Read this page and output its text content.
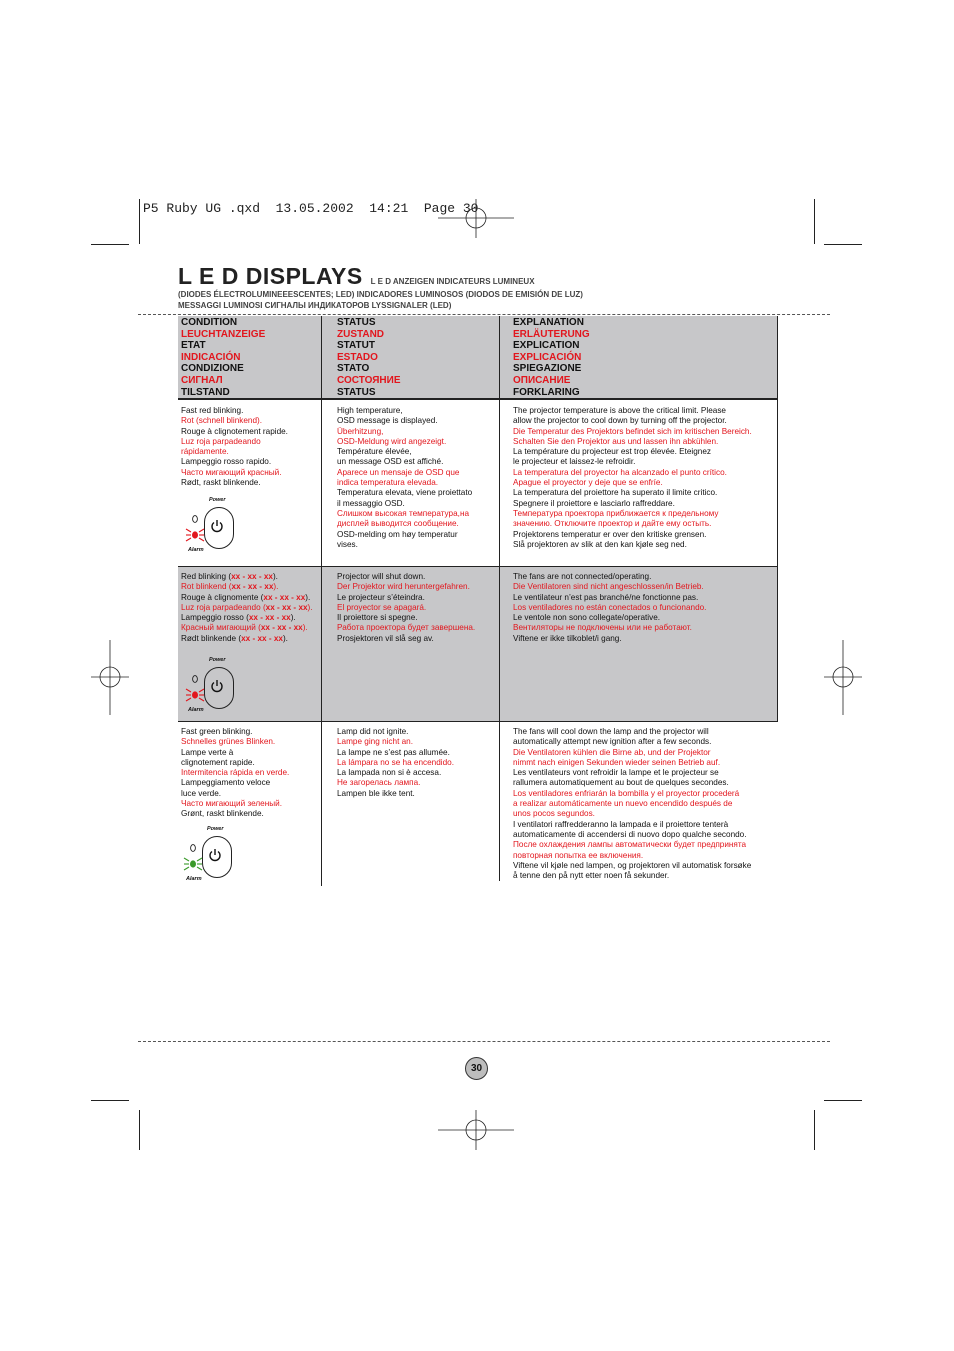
P5 Ruby UG .qxd  13.05.2002  14:21  Page 30
L E D DISPLAYS L E D ANZEIGEN INDICATEURS LUMINEUX
(DIODES ÉLECTROLUMINEEESCENTES; LED) INDICADORES LUMINOSOS (DIODOS DE EMISIÓN DE LUZ)
MESSAGGI LUMINOSI СИГНАЛЫ ИНДИКАТОРОВ LYSSIGNALER (LED)
CONDITION
LEUCHTANZEIGE
ETAT
INDICACIÓN
CONDIZIONE
СИГНАЛ
TILSTAND
STATUS
ZUSTAND
STATUT
ESTADO
STATO
СОСТОЯНИЕ
STATUS
EXPLANATION
ERLÄUTERUNG
EXPLICATION
EXPLICACIÓN
SPIEGAZIONE
ОПИСАНИЕ
FORKLARING
Fast red blinking.
Rot (schnell blinkend).
Rouge à clignotement rapide.
Luz roja parpadeando
rápidamente.
Lampeggio rosso rapido.
Часто мигающий красный.
Rødt, raskt blinkende.
High temperature,
OSD message is displayed.
Überhitzung,
OSD-Meldung wird angezeigt.
Température élevée,
un message OSD est affiché.
Aparece un mensaje de OSD que
indica temperatura elevada.
Temperatura elevata, viene proiettato
il messaggio OSD.
Слишком высокая температура,на
дисплей выводится сообщение.
OSD-melding om høy temperatur
vises.
The projector temperature is above the critical limit. Please
allow the projector to cool down by turning off the projector.
Die Temperatur des Projektors befindet sich im kritischen Bereich.
Schalten Sie den Projektor aus und lassen ihn abkühlen.
La température du projecteur est trop élevée. Eteignez
le projecteur et laissez-le refroidir.
La temperatura del proyector ha alcanzado el punto crítico.
Apague el proyector y deje que se enfríe.
La temperatura del proiettore ha superato il limite critico.
Spegnere il proiettore e lasciarlo raffreddare.
Температура проектора приближается к предельному
значению. Отключите проектор и дайте ему остыть.
Projektorens temperatur er over den kritiske grensen.
Slå projektoren av slik at den kan kjøle seg ned.
Red blinking (xx - xx - xx).
Rot blinkend (xx - xx - xx).
Rouge à clignomente (xx - xx - xx).
Luz roja parpadeando (xx - xx - xx).
Lampeggio rosso (xx - xx - xx).
Красный мигающий (xx - xx - xx).
Rødt blinkende (xx - xx - xx).
Projector will shut down.
Der Projektor wird heruntergefahren.
Le projecteur s’éteindra.
El proyector se apagará.
Il proiettore si spegne.
Работа проектора будет завершена.
Prosjektoren vil slå seg av.
The fans are not connected/operating.
Die Ventilatoren sind nicht angeschlossen/in Betrieb.
Le ventilateur n’est pas branché/ne fonctionne pas.
Los ventiladores no están conectados o funcionando.
Le ventole non sono collegate/operative.
Вентиляторы не подключены или не работают.
Viftene er ikke tilkoblet/i gang.
Fast green blinking.
Schnelles grünes Blinken.
Lampe verte à
clignotement rapide.
Intermitencia rápida en verde.
Lampeggiamento veloce
luce verde.
Часто мигающий зеленый.
Grønt, raskt blinkende.
Lamp did not ignite.
Lampe ging nicht an.
La lampe ne s’est pas allumée.
La lámpara no se ha encendido.
La lampada non si è accesa.
Не загорелась лампа.
Lampen ble ikke tent.
The fans will cool down the lamp and the projector will
automatically attempt new ignition after a few seconds.
Die Ventilatoren kühlen die Birne ab, und der Projektor
nimmt nach einigen Sekunden wieder seinen Betrieb auf.
Les ventilateurs vont refroidir la lampe et le projecteur se
rallumera automatiquement au bout de quelques secondes.
Los ventiladores enfriarán la bombilla y el proyector procederá
a realizar automáticamente un nuevo encendido después de
unos pocos segundos.
I ventilatori raffredderanno la lampada e il proiettore tenterà
automaticamente di accendersi di nuovo dopo qualche secondo.
После охлаждения лампы автоматически будет предпринята
повторная попытка ее включения.
Viftene vil kjøle ned lampen, og projektoren vil automatisk forsøke
å tenne den på nytt etter noen få sekunder.
Power
Alarm
Power
Alarm
Power
Alarm
30
